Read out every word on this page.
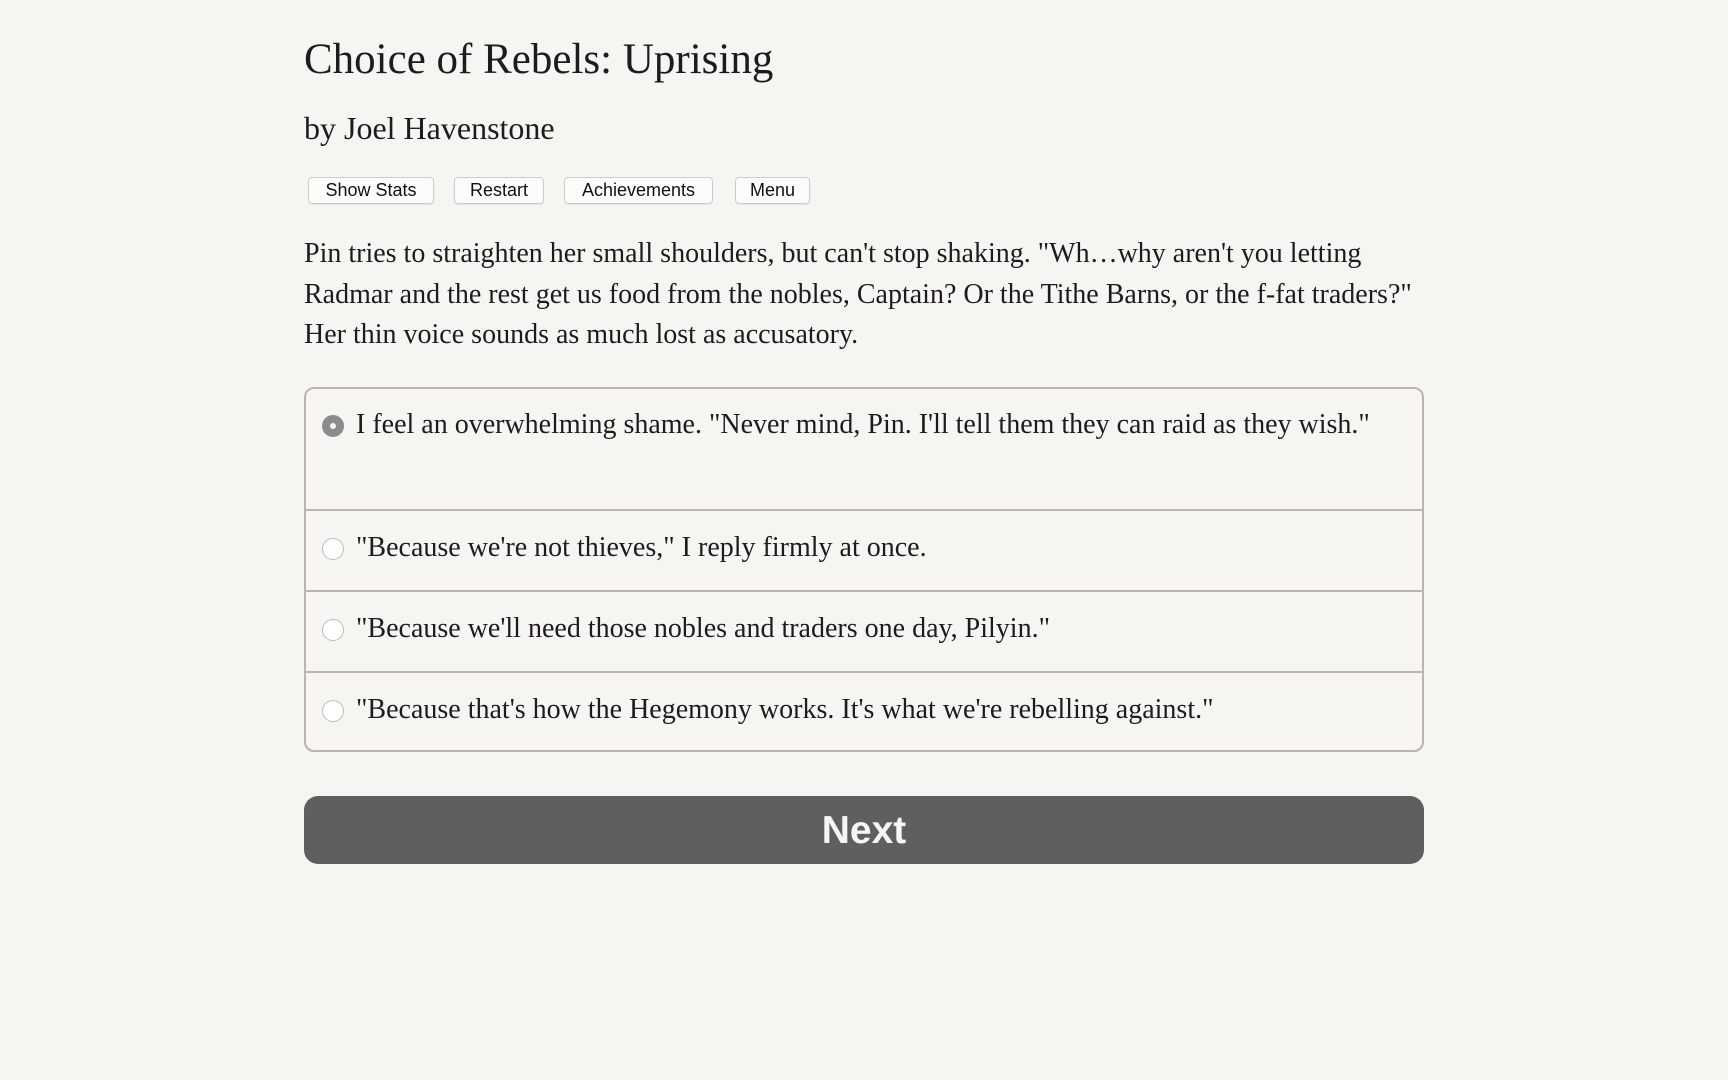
Choice of Rebels: Uprising
by Joel Havenstone
Show Stats	Restart	Achievements	Menu
Pin tries to straighten her small shoulders, but can't stop shaking. "Wh…why aren't you letting Radmar and the rest get us food from the nobles, Captain? Or the Tithe Barns, or the f-fat traders?" Her thin voice sounds as much lost as accusatory.
I feel an overwhelming shame. "Never mind, Pin. I'll tell them they can raid as they wish."
"Because we're not thieves," I reply firmly at once.
"Because we'll need those nobles and traders one day, Pilyin."
"Because that's how the Hegemony works. It's what we're rebelling against."
Next
